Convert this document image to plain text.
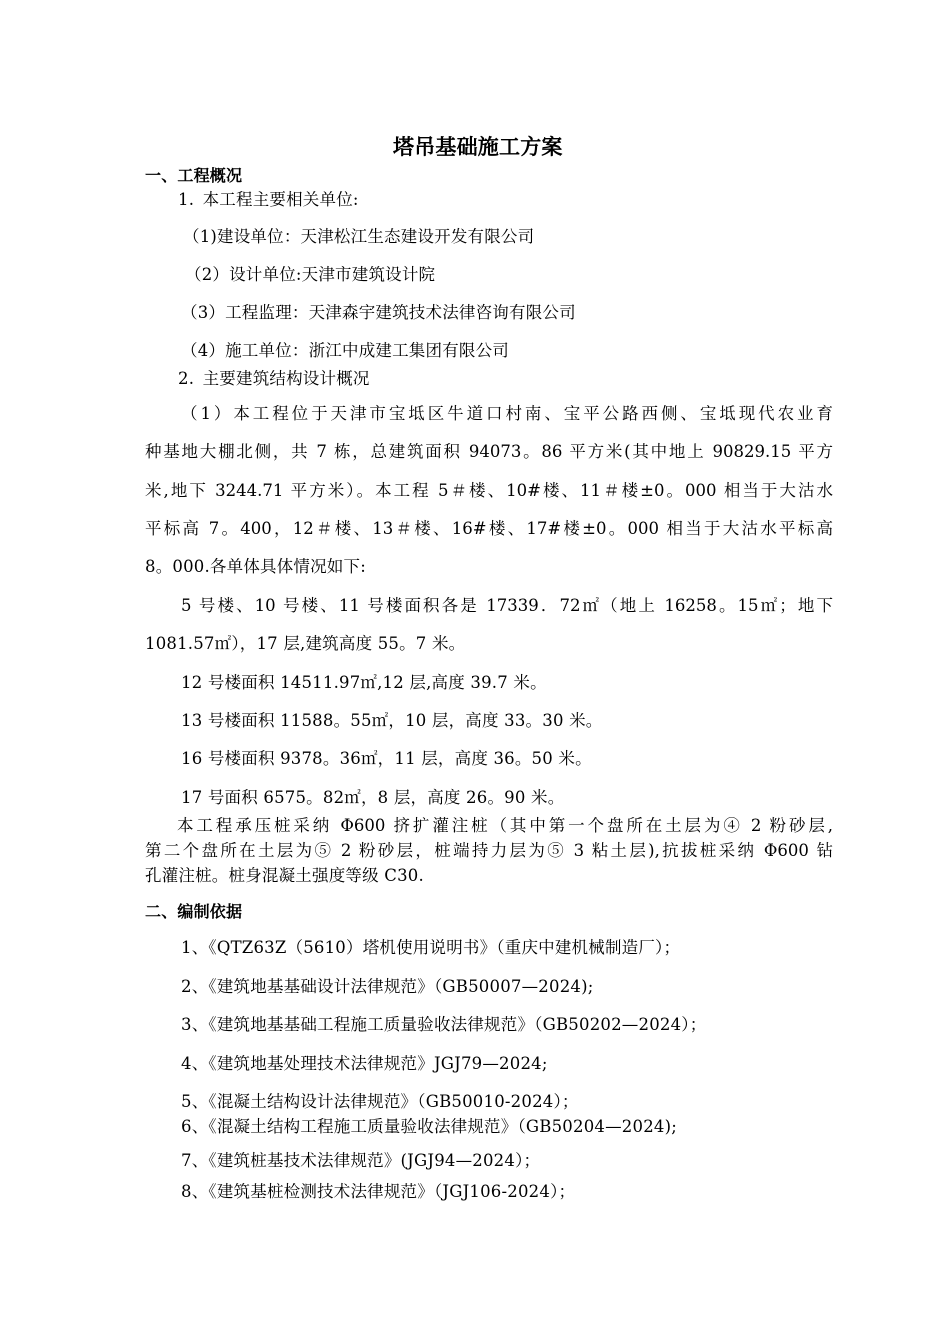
塔吊基础施工方案
一、工程概况
1. 本工程主要相关单位:
（1)建设单位：天津松江生态建设开发有限公司
（2）设计单位:天津市建筑设计院
（3）工程监理：天津森宇建筑技术法律咨询有限公司
（4）施工单位：浙江中成建工集团有限公司
2. 主要建筑结构设计概况
（1）本工程位于天津市宝坻区牛道口村南、宝平公路西侧、宝坻现代农业育
种基地大棚北侧，共 7 栋，总建筑面积 94073。86 平方米(其中地上 90829.15 平方
米,地下 3244.71 平方米）。本工程 5＃楼、10#楼、11＃楼±0。000 相当于大沽水
平标高 7。400，12＃楼、13＃楼、16#楼、17#楼±0。000 相当于大沽水平标高
8。000.各单体具体情况如下:
5 号楼、10 号楼、11 号楼面积各是 17339．72㎡（地上 16258。15㎡；地下
1081.57㎡），17 层,建筑高度 55。7 米。
12 号楼面积 14511.97㎡,12 层,高度 39.7 米。
13 号楼面积 11588。55㎡，10 层，高度 33。30 米。
16 号楼面积 9378。36㎡，11 层，高度 36。50 米。
17 号面积 6575。82㎡，8 层，高度 26。90 米。
本工程承压桩采纳 Φ600 挤扩灌注桩（其中第一个盘所在土层为④ 2 粉砂层,
第二个盘所在土层为⑤ 2 粉砂层，桩端持力层为⑤ 3 粘土层),抗拔桩采纳 Φ600 钻
孔灌注桩。桩身混凝土强度等级 C30.
二、编制依据
1、《QTZ63Z（5610）塔机使用说明书》（重庆中建机械制造厂）；
2、《建筑地基基础设计法律规范》（GB50007—2024);
3、《建筑地基基础工程施工质量验收法律规范》（GB50202—2024）；
4、《建筑地基处理技术法律规范》JGJ79—2024;
5、《混凝土结构设计法律规范》（GB50010-2024）；
6、《混凝土结构工程施工质量验收法律规范》（GB50204—2024);
7、《建筑桩基技术法律规范》(JGJ94—2024）；
8、《建筑基桩检测技术法律规范》（JGJ106-2024）；
